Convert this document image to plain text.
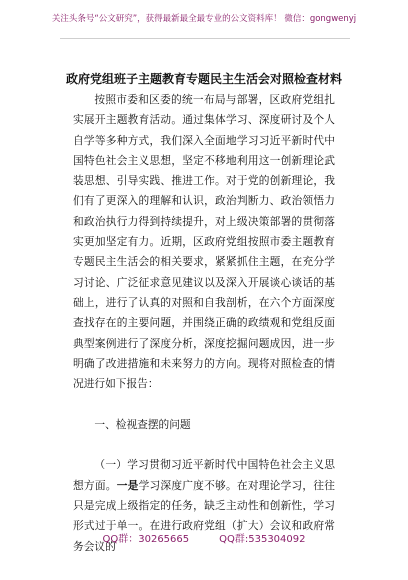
关注头条号“公文研究”，获得最新最全最专业的公文资料库！ 微信：gongwenyj
政府党组班子主题教育专题民主生活会对照检查材料

按照市委和区委的统一布局与部署，区政府党组扎实展开主题教育活动。通过集体学习、深度研讨及个人自学等多种方式，我们深入全面地学习习近平新时代中国特色社会主义思想，坚定不移地利用这一创新理论武装思想、引导实践、推进工作。对于党的创新理论，我们有了更深入的理解和认识，政治判断力、政治领悟力和政治执行力得到持续提升，对上级决策部署的贯彻落实更加坚定有力。近期，区政府党组按照市委主题教育专题民主生活会的相关要求，紧紧抓住主题，在充分学习讨论、广泛征求意见建议以及深入开展谈心谈话的基础上，进行了认真的对照和自我剖析，在六个方面深度查找存在的主要问题，并围绕正确的政绩观和党组反面典型案例进行了深度分析，深度挖掘问题成因，进一步明确了改进措施和未来努力的方向。现将对照检查的情况进行如下报告：

一、检视查摆的问题

（一）学习贯彻习近平新时代中国特色社会主义思想方面。一是学习深度广度不够。在对理论学习，往往只是完成上级指定的任务，缺乏主动性和创新性，学习形式过于单一。在进行政府党组（扩大）会议和政府常务会议的

QQ群：30265665	QQ群:535304092
